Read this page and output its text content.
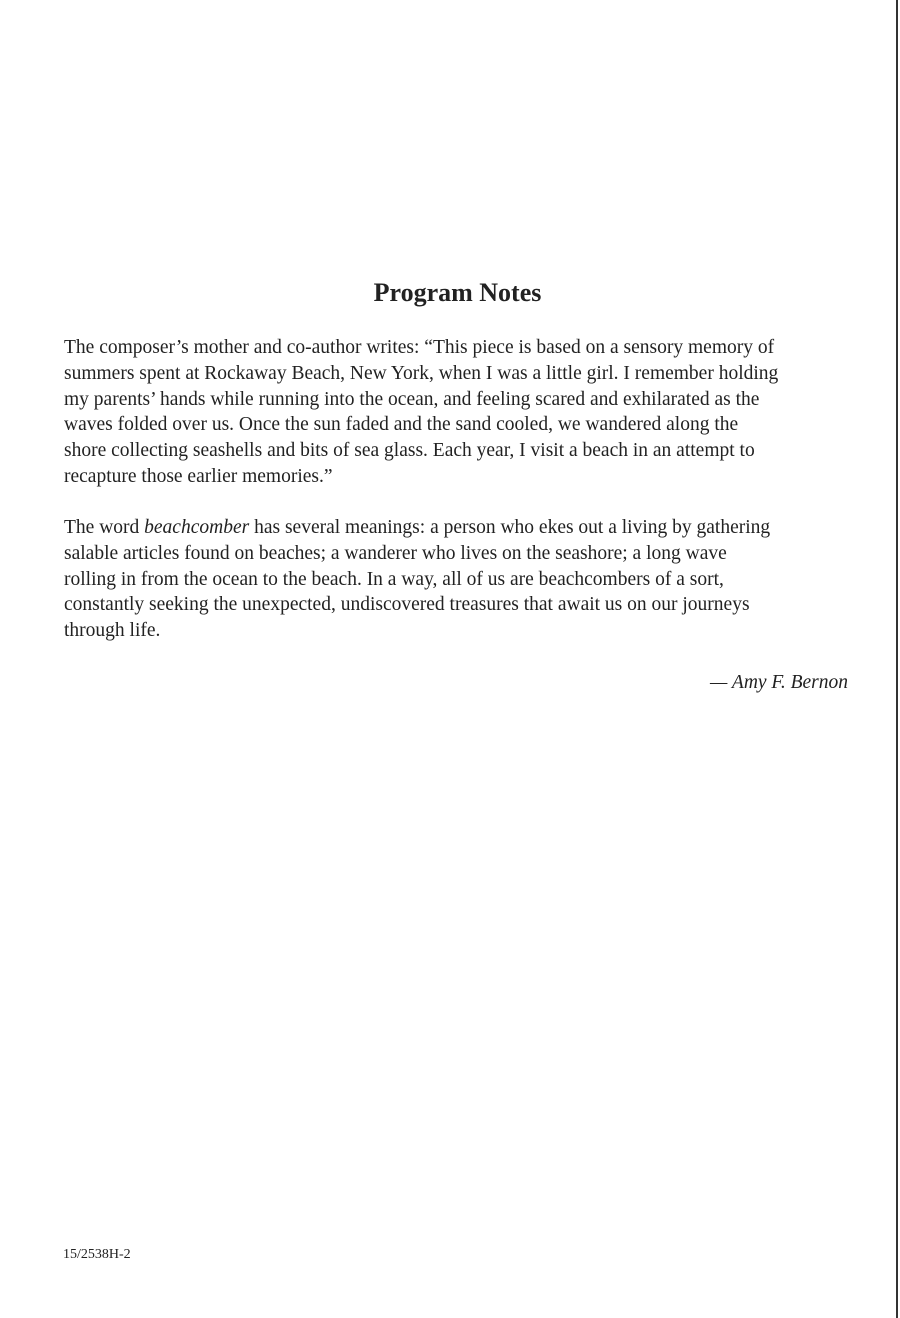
Program Notes
The composer’s mother and co-author writes: “This piece is based on a sensory memory of
summers spent at Rockaway Beach, New York, when I was a little girl. I remember holding
my parents’ hands while running into the ocean, and feeling scared and exhilarated as the
waves folded over us. Once the sun faded and the sand cooled, we wandered along the
shore collecting seashells and bits of sea glass. Each year, I visit a beach in an attempt to
recapture those earlier memories.”
The word beachcomber has several meanings: a person who ekes out a living by gathering
salable articles found on beaches; a wanderer who lives on the seashore; a long wave
rolling in from the ocean to the beach. In a way, all of us are beachcombers of a sort,
constantly seeking the unexpected, undiscovered treasures that await us on our journeys
through life.

— Amy F. Bernon

15/2538H-2
